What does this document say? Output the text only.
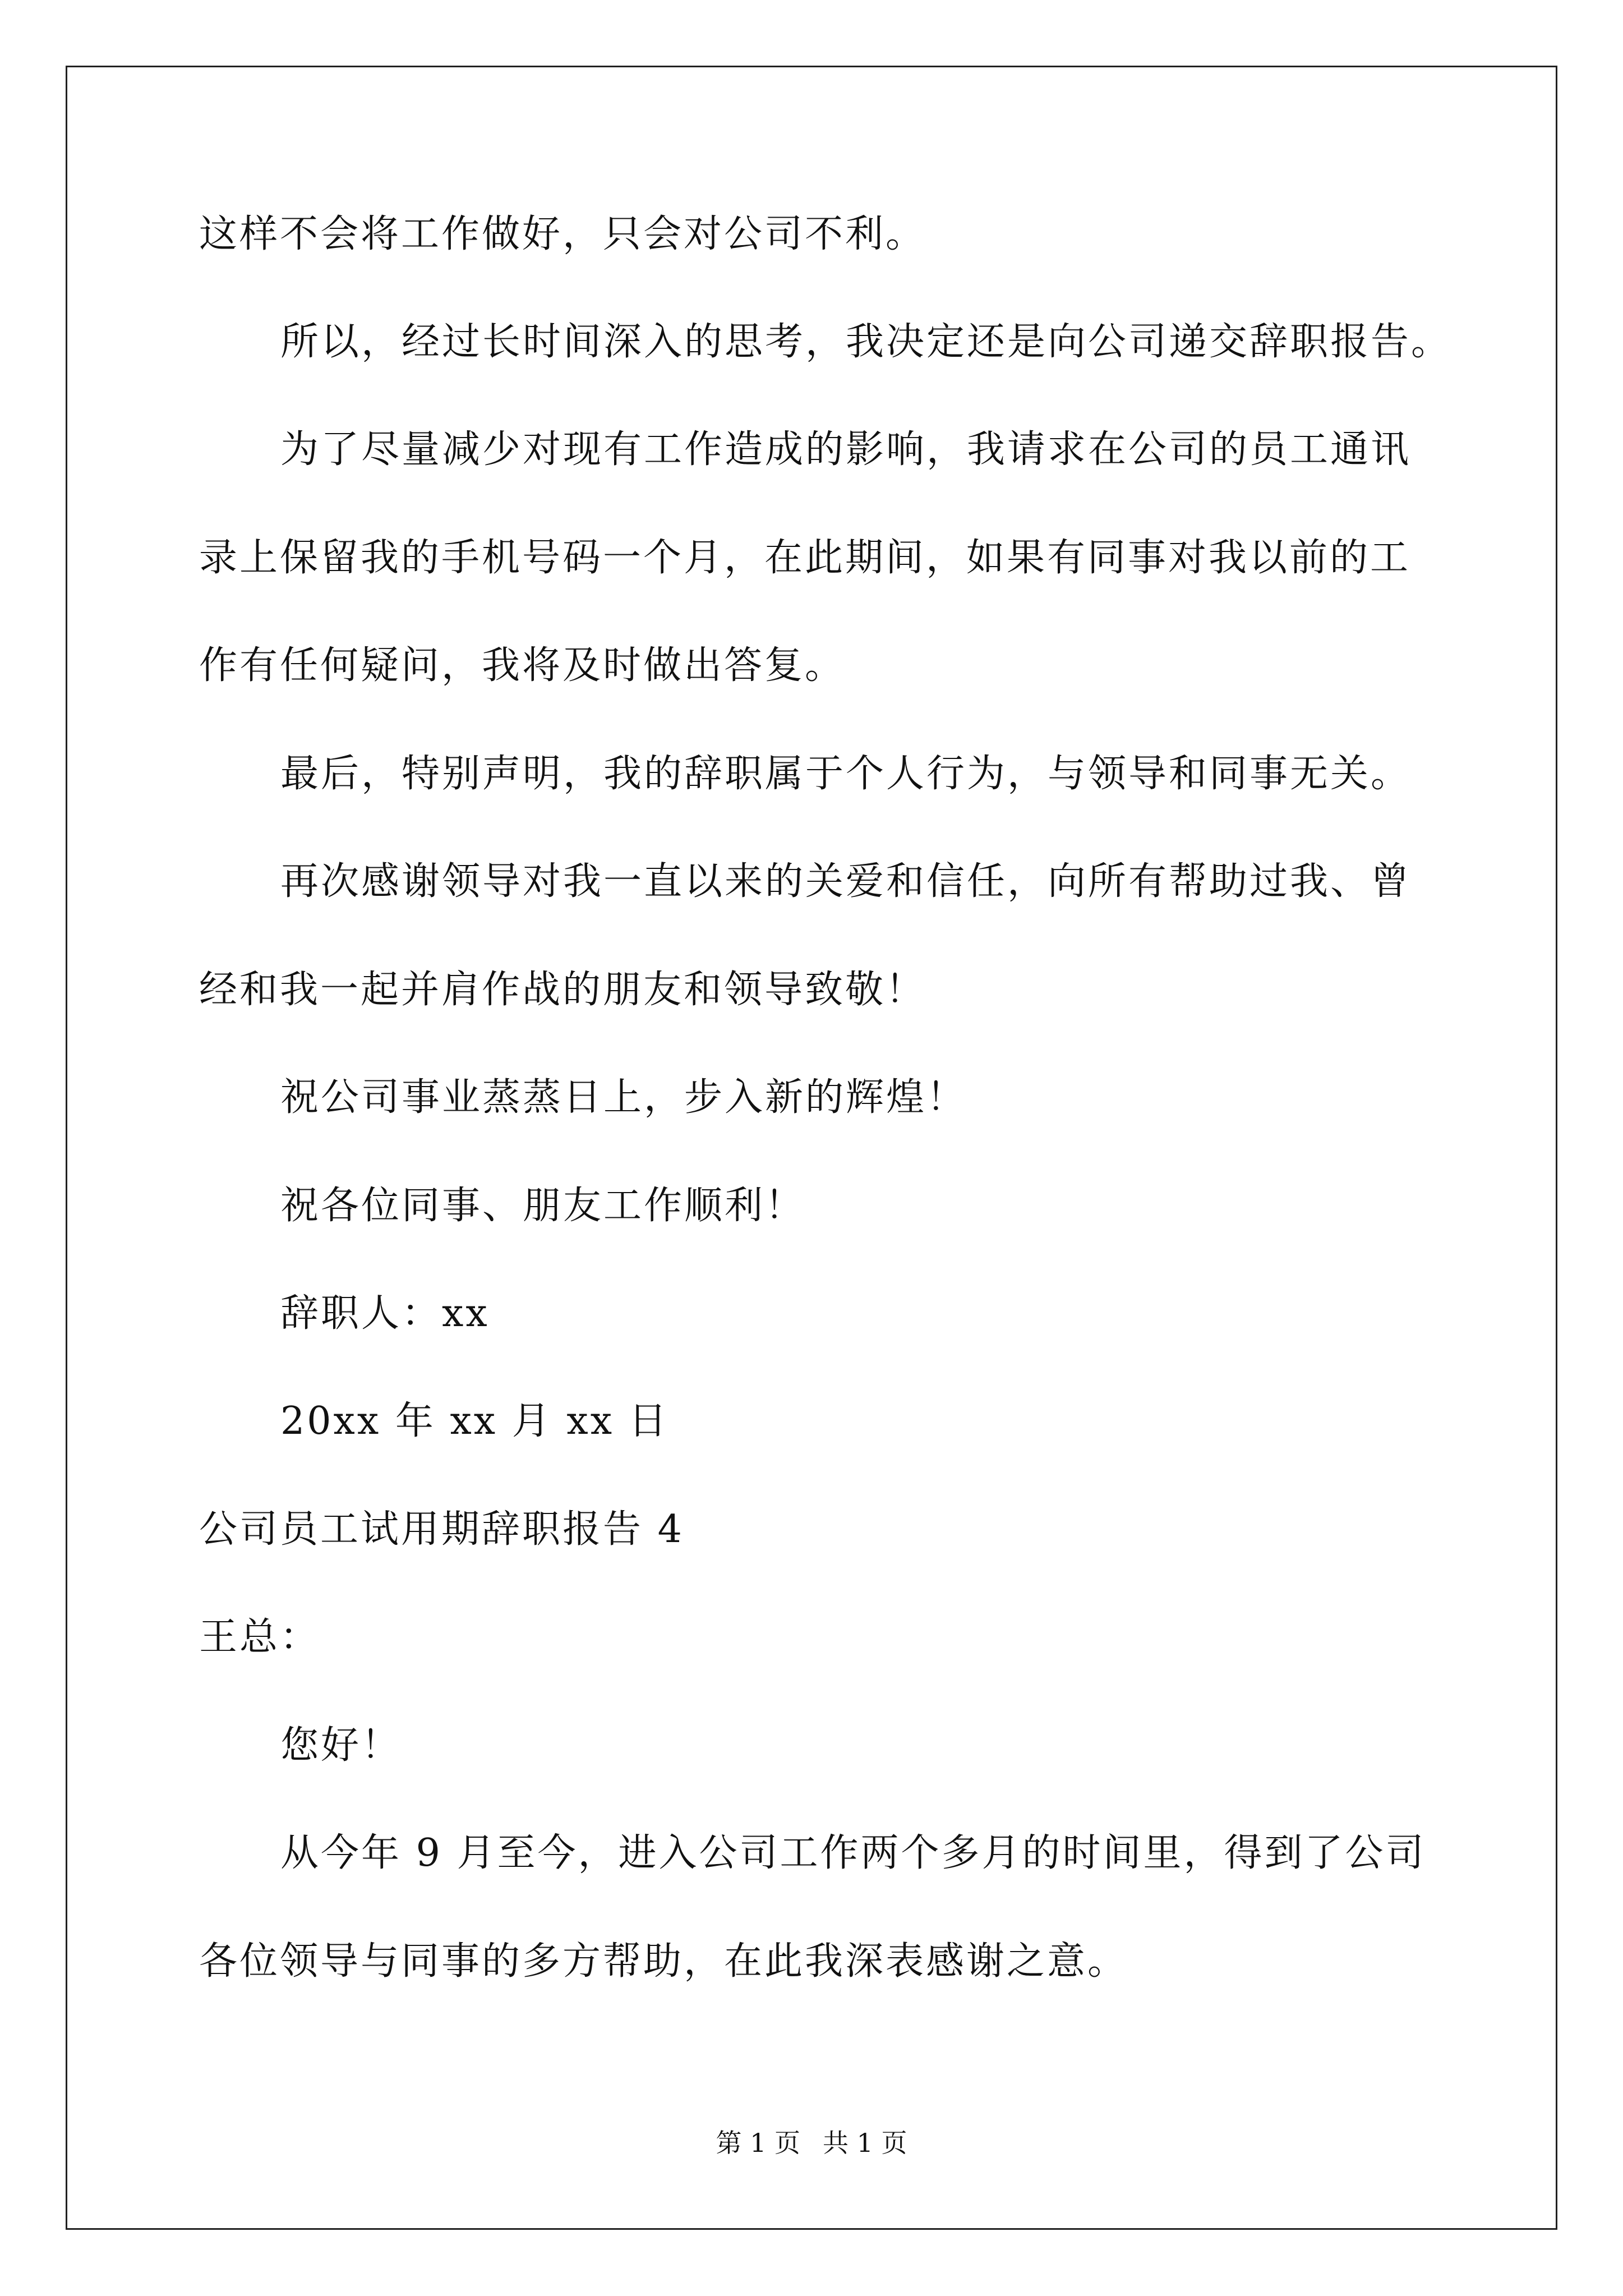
这样不会将工作做好，只会对公司不利。
所以，经过长时间深入的思考，我决定还是向公司递交辞职报告。
为了尽量减少对现有工作造成的影响，我请求在公司的员工通讯
录上保留我的手机号码一个月，在此期间，如果有同事对我以前的工
作有任何疑问，我将及时做出答复。
最后，特别声明，我的辞职属于个人行为，与领导和同事无关。
再次感谢领导对我一直以来的关爱和信任，向所有帮助过我、曾
经和我一起并肩作战的朋友和领导致敬！
祝公司事业蒸蒸日上，步入新的辉煌！
祝各位同事、朋友工作顺利！
辞职人：xx
20xx 年 xx 月 xx 日
公司员工试用期辞职报告 4
王总：
您好！
从今年 9 月至今，进入公司工作两个多月的时间里，得到了公司
各位领导与同事的多方帮助，在此我深表感谢之意。
第 1 页 共 1 页
